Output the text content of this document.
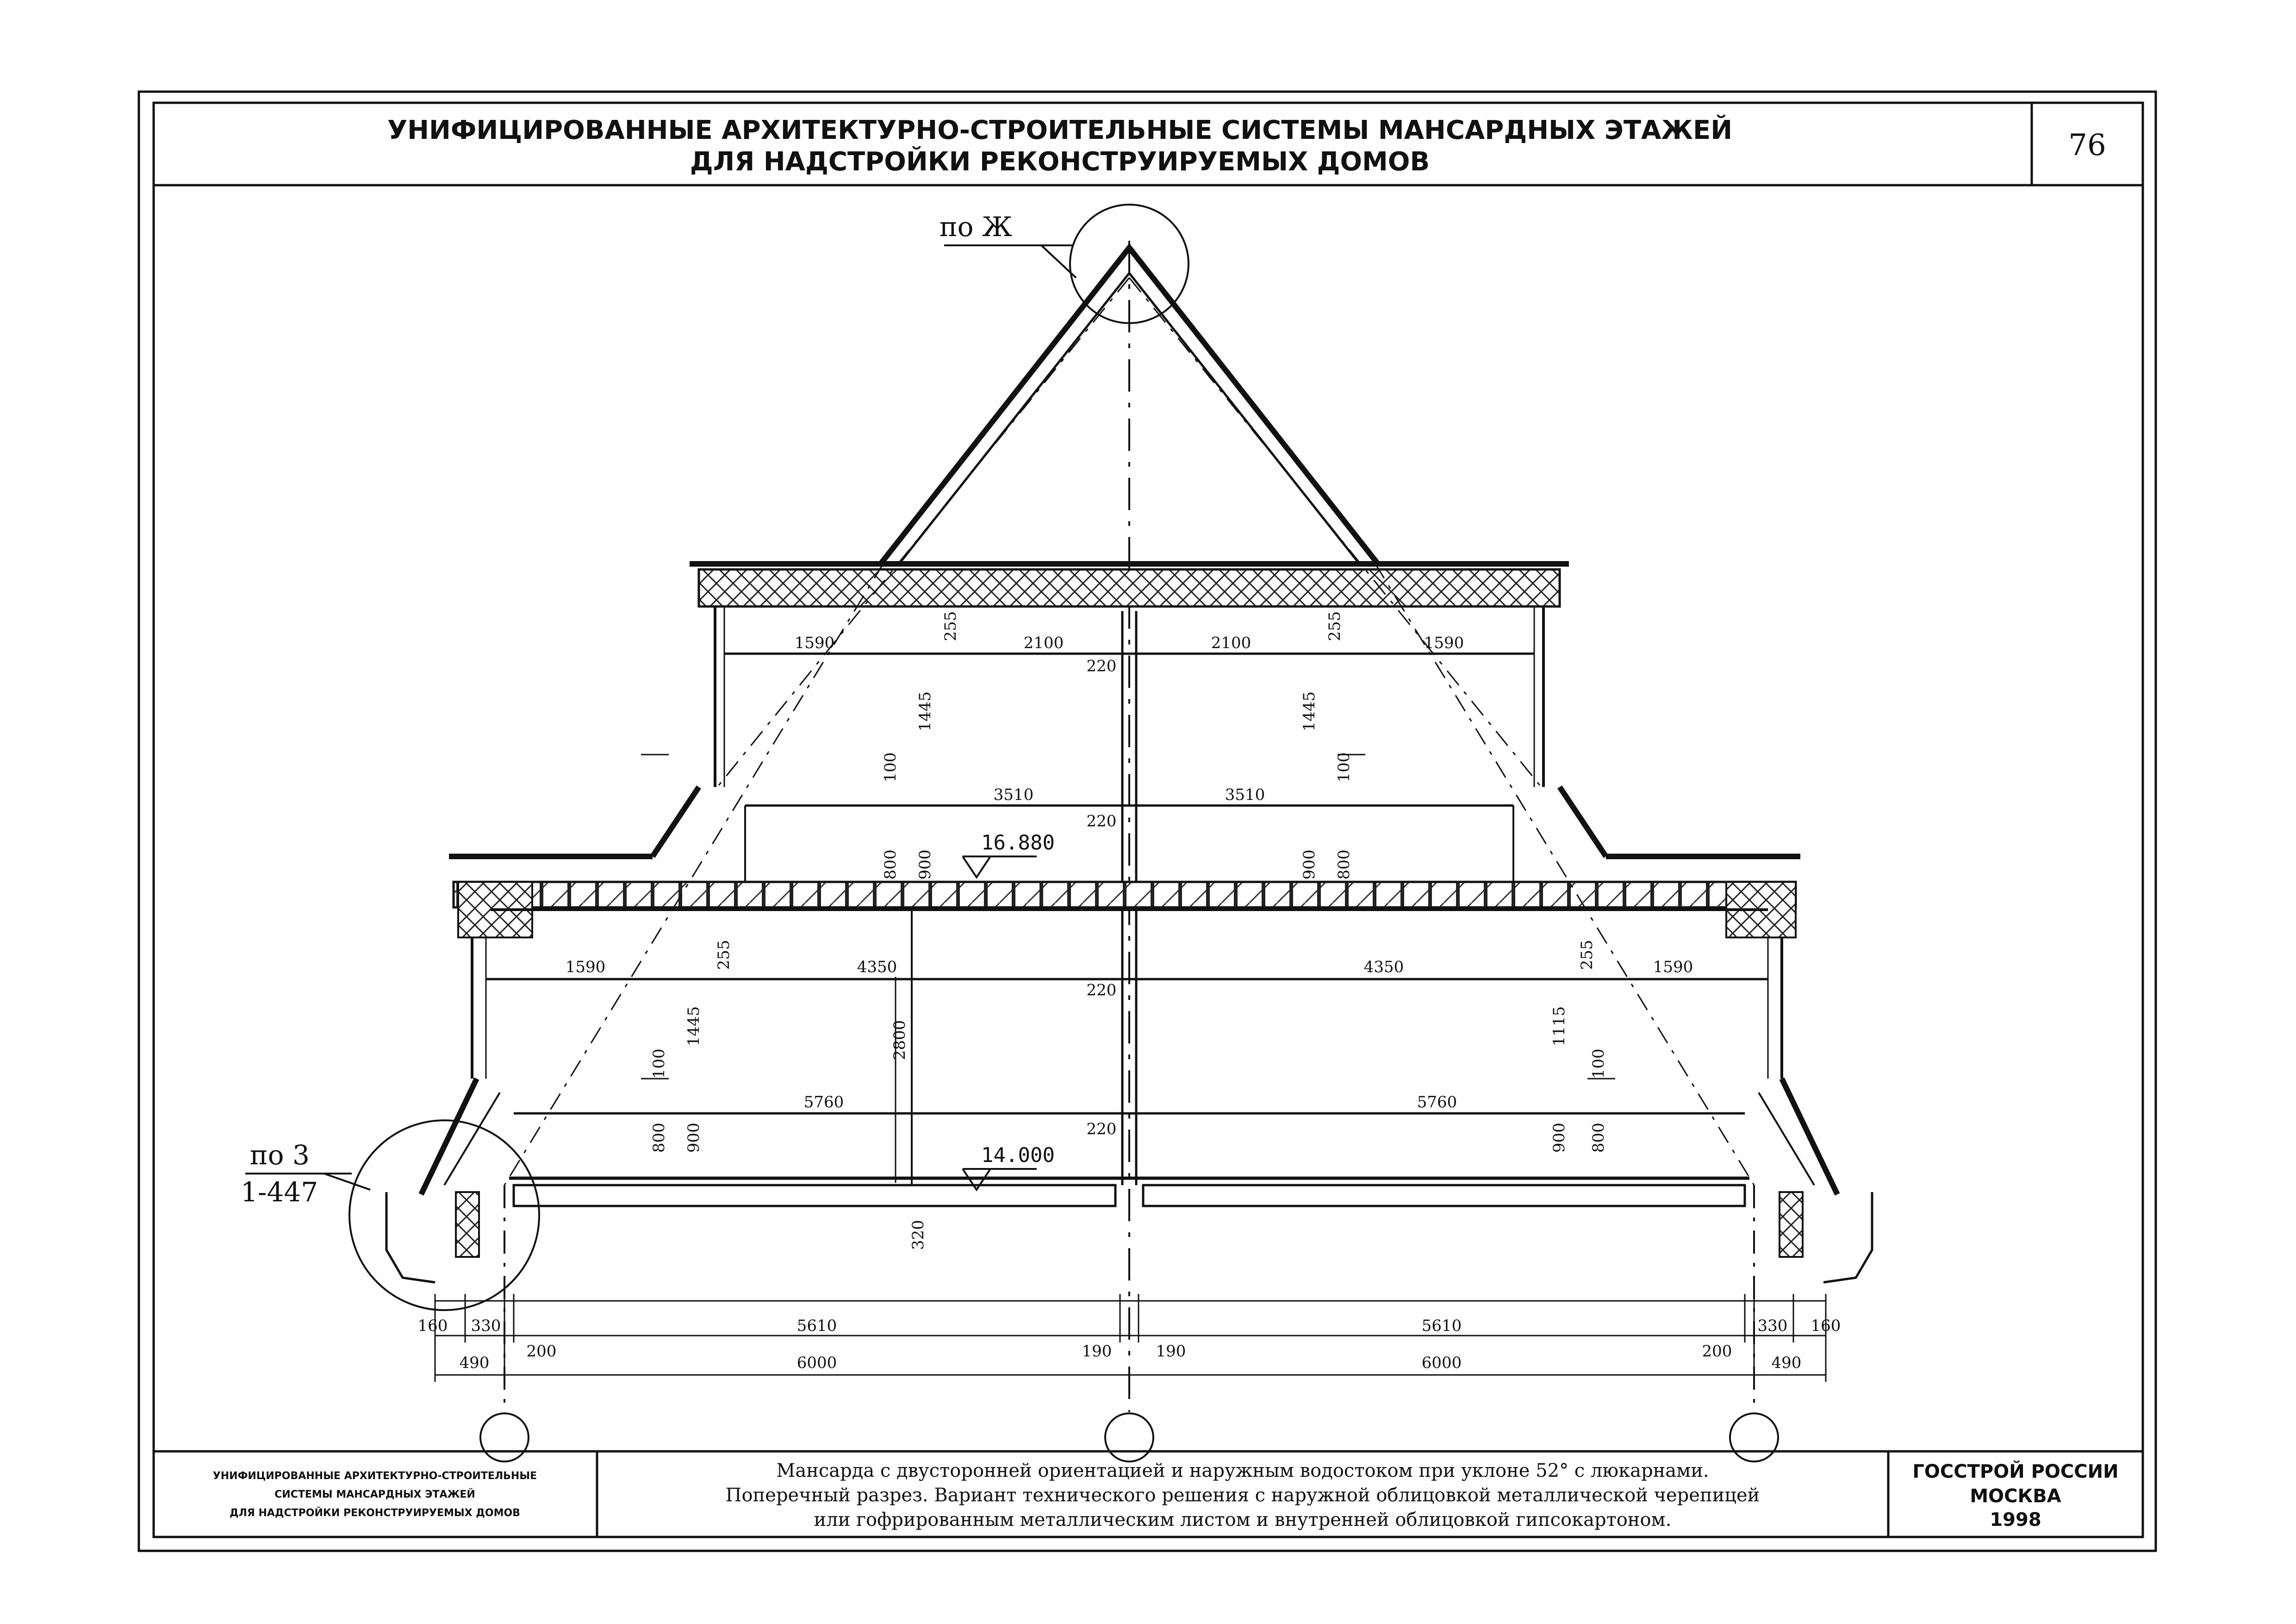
УНИФИЦИРОВАННЫЕ АРХИТЕКТУРНО-СТРОИТЕЛЬНЫЕ СИСТЕМЫ МАНСАРДНЫХ ЭТАЖЕЙ
ДЛЯ НАДСТРОЙКИ РЕКОНСТРУИРУЕМЫХ ДОМОВ	76
по Ж
по 3
1-447
16.880
14.000
1590	2100	2100	1590
255	255
220
1445	1445
100	100
3510	3510
220
800 900	900 800
1590	4350	4350	1590
255	255
220
1445	1115
2800
100	100
5760	5760
220
800 900	900 800
320
160 330	5610	5610	330 160
200	190	190	200
490	6000	6000	490
УНИФИЦИРОВАННЫЕ АРХИТЕКТУРНО-СТРОИТЕЛЬНЫЕ
СИСТЕМЫ МАНСАРДНЫХ ЭТАЖЕЙ
ДЛЯ НАДСТРОЙКИ РЕКОНСТРУИРУЕМЫХ ДОМОВ
Мансарда с двусторонней ориентацией и наружным водостоком при уклоне 52° с люкарнами.
Поперечный разрез. Вариант технического решения с наружной облицовкой металлической черепицей
или гофрированным металлическим листом и внутренней облицовкой гипсокартоном.
ГОССТРОЙ РОССИИ
МОСКВА
1998
